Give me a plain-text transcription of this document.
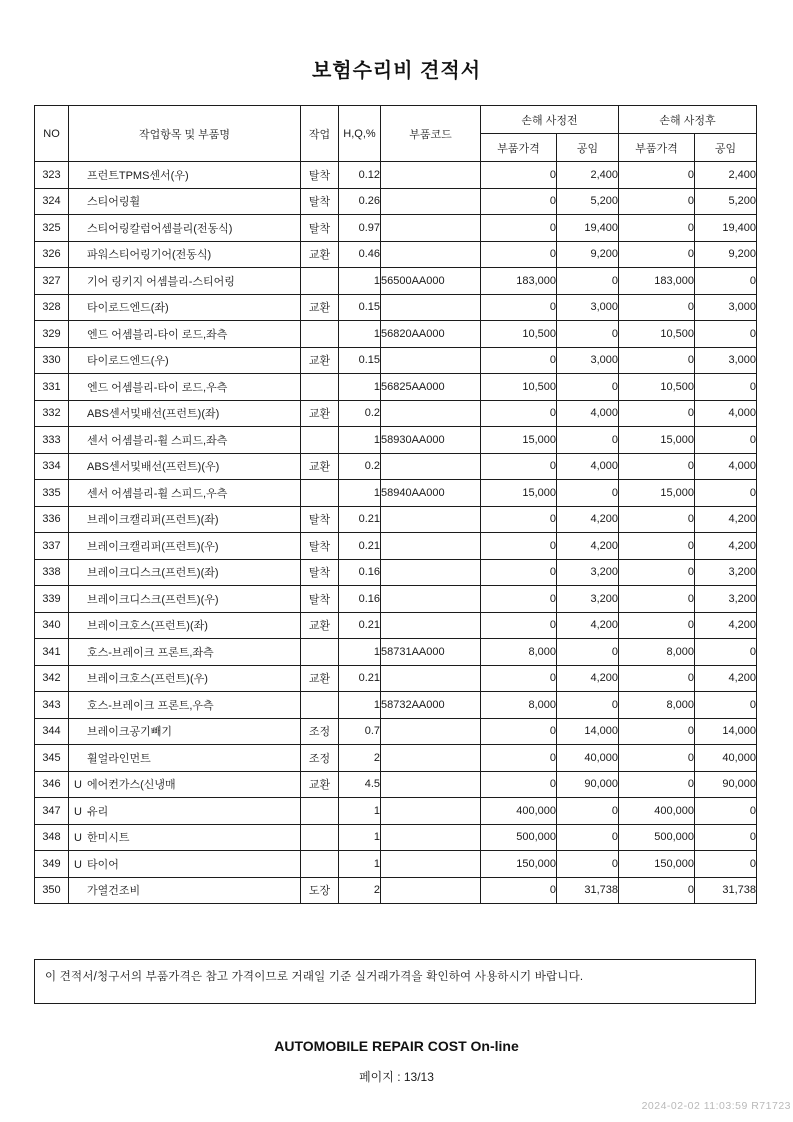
보험수리비 견적서
NO	작업항목 및 부품명	작업	H,Q,%	부품코드	손해 사정전		손해 사정후	
					부품가격	공임	부품가격	공임
323	프런트TPMS센서(우)	탈착	0.12		0	2,400	0	2,400
324	스티어링휠	탈착	0.26		0	5,200	0	5,200
325	스티어링칼럼어셈블리(전동식)	탈착	0.97		0	19,400	0	19,400
326	파워스티어링기어(전동식)	교환	0.46		0	9,200	0	9,200
327	기어 링키지 어셈블리-스티어링		1	56500AA000	183,000	0	183,000	0
328	타이로드엔드(좌)	교환	0.15		0	3,000	0	3,000
329	엔드 어셈블리-타이 로드,좌측		1	56820AA000	10,500	0	10,500	0
330	타이로드엔드(우)	교환	0.15		0	3,000	0	3,000
331	엔드 어셈블리-타이 로드,우측		1	56825AA000	10,500	0	10,500	0
332	ABS센서및배선(프런트)(좌)	교환	0.2		0	4,000	0	4,000
333	센서 어셈블리-휠 스피드,좌측		1	58930AA000	15,000	0	15,000	0
334	ABS센서및배선(프런트)(우)	교환	0.2		0	4,000	0	4,000
335	센서 어셈블리-휠 스피드,우측		1	58940AA000	15,000	0	15,000	0
336	브레이크캘리퍼(프런트)(좌)	탈착	0.21		0	4,200	0	4,200
337	브레이크캘리퍼(프런트)(우)	탈착	0.21		0	4,200	0	4,200
338	브레이크디스크(프런트)(좌)	탈착	0.16		0	3,200	0	3,200
339	브레이크디스크(프런트)(우)	탈착	0.16		0	3,200	0	3,200
340	브레이크호스(프런트)(좌)	교환	0.21		0	4,200	0	4,200
341	호스-브레이크 프론트,좌측		1	58731AA000	8,000	0	8,000	0
342	브레이크호스(프런트)(우)	교환	0.21		0	4,200	0	4,200
343	호스-브레이크 프론트,우측		1	58732AA000	8,000	0	8,000	0
344	브레이크공기빼기	조정	0.7		0	14,000	0	14,000
345	휠얼라인먼트	조정	2		0	40,000	0	40,000
346	U 에어컨가스(신냉매	교환	4.5		0	90,000	0	90,000
347	U 유리		1		400,000	0	400,000	0
348	U 한미시트		1		500,000	0	500,000	0
349	U 타이어		1		150,000	0	150,000	0
350	가열건조비	도장	2		0	31,738	0	31,738
이 견적서/청구서의 부품가격은 참고 가격이므로 거래일 기준 실거래가격을 확인하여 사용하시기 바랍니다.
AUTOMOBILE REPAIR COST On-line
페이지 : 13/13
2024-02-02 11:03:59 R71723
